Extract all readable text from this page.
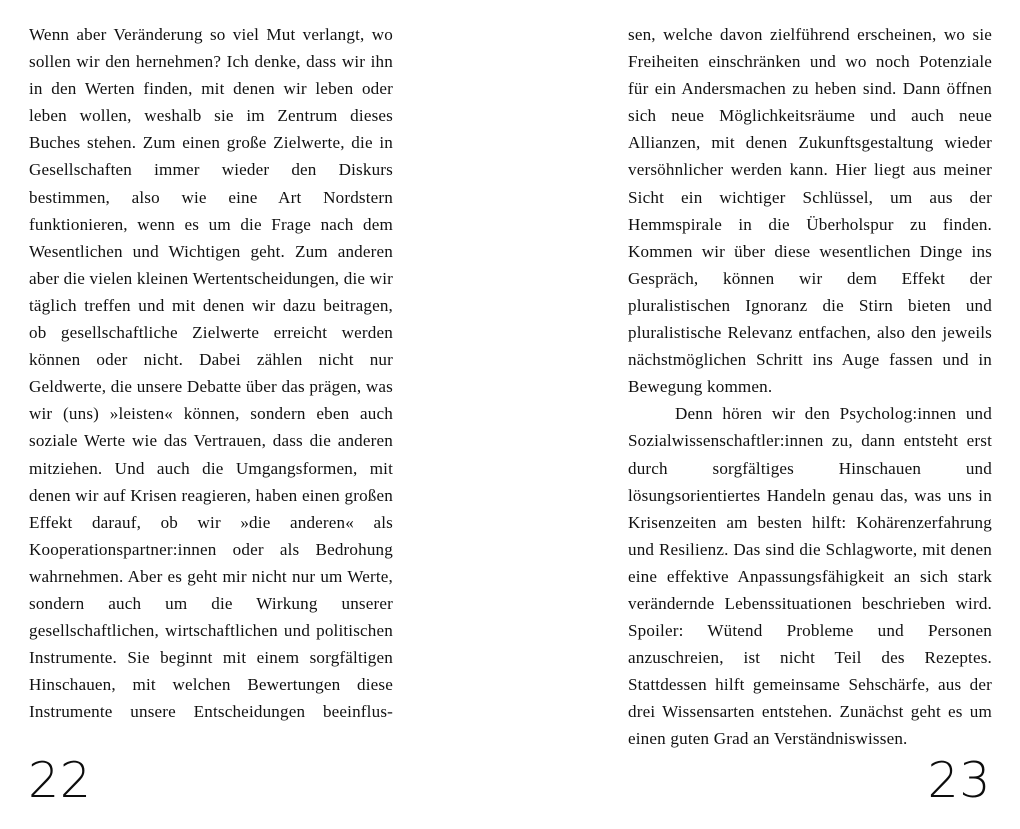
Wenn aber Veränderung so viel Mut verlangt, wo sollen wir den hernehmen? Ich denke, dass wir ihn in den Werten finden, mit denen wir leben oder leben wollen, weshalb sie im Zentrum dieses Buches stehen. Zum einen große Zielwerte, die in Gesellschaften immer wieder den Diskurs bestimmen, also wie eine Art Nordstern funktionieren, wenn es um die Frage nach dem Wesentlichen und Wichtigen geht. Zum anderen aber die vielen kleinen Wertentscheidungen, die wir täglich treffen und mit denen wir dazu beitragen, ob gesellschaftliche Zielwerte erreicht werden können oder nicht. Dabei zählen nicht nur Geldwerte, die unsere Debatte über das prägen, was wir (uns) »leisten« können, sondern eben auch soziale Werte wie das Vertrauen, dass die anderen mitziehen. Und auch die Umgangsformen, mit denen wir auf Krisen reagieren, haben einen großen Effekt darauf, ob wir »die anderen« als Kooperationspartner:innen oder als Bedrohung wahrnehmen. Aber es geht mir nicht nur um Werte, sondern auch um die Wirkung unserer gesellschaftlichen, wirtschaftlichen und politischen Instrumente. Sie beginnt mit einem sorgfältigen Hinschauen, mit welchen Bewertungen diese Instrumente unsere Entscheidungen beeinflus-

22

sen, welche davon zielführend erscheinen, wo sie Freiheiten einschränken und wo noch Potenziale für ein Andersmachen zu heben sind. Dann öffnen sich neue Möglichkeitsräume und auch neue Allianzen, mit denen Zukunftsgestaltung wieder versöhnlicher werden kann. Hier liegt aus meiner Sicht ein wichtiger Schlüssel, um aus der Hemmspirale in die Überholspur zu finden. Kommen wir über diese wesentlichen Dinge ins Gespräch, können wir dem Effekt der pluralistischen Ignoranz die Stirn bieten und pluralistische Relevanz entfachen, also den jeweils nächstmöglichen Schritt ins Auge fassen und in Bewegung kommen.

Denn hören wir den Psycholog:innen und Sozialwissenschaftler:innen zu, dann entsteht erst durch sorgfältiges Hinschauen und lösungsorientiertes Handeln genau das, was uns in Krisenzeiten am besten hilft: Kohärenzerfahrung und Resilienz. Das sind die Schlagworte, mit denen eine effektive Anpassungsfähigkeit an sich stark verändernde Lebenssituationen beschrieben wird. Spoiler: Wütend Probleme und Personen anzuschreien, ist nicht Teil des Rezeptes. Stattdessen hilft gemeinsame Sehschärfe, aus der drei Wissensarten entstehen. Zunächst geht es um einen guten Grad an Verständniswissen.

23
